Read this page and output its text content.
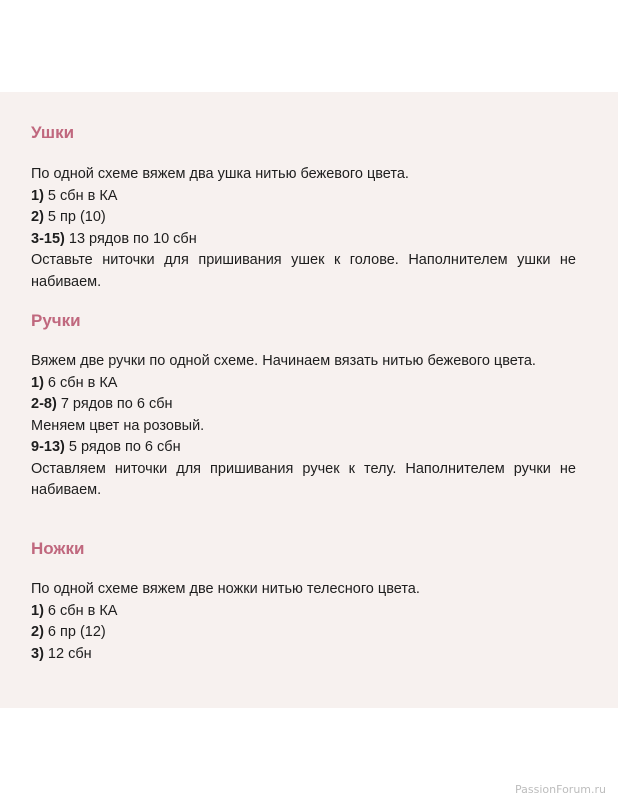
Ушки
По одной схеме вяжем два ушка нитью бежевого цвета.
1) 5 сбн в КА
2) 5 пр (10)
3-15) 13 рядов по 10 сбн
Оставьте ниточки для пришивания ушек к голове. Наполнителем ушки не набиваем.
Ручки
Вяжем две ручки по одной схеме. Начинаем вязать нитью бежевого цвета.
1) 6 сбн в КА
2-8) 7 рядов по 6 сбн
Меняем цвет на розовый.
9-13) 5 рядов по 6 сбн
Оставляем ниточки для пришивания ручек к телу. Наполнителем ручки не набиваем.
Ножки
По одной схеме вяжем две ножки нитью телесного цвета.
1) 6 сбн в КА
2) 6 пр (12)
3) 12 сбн
PassionForum.ru
